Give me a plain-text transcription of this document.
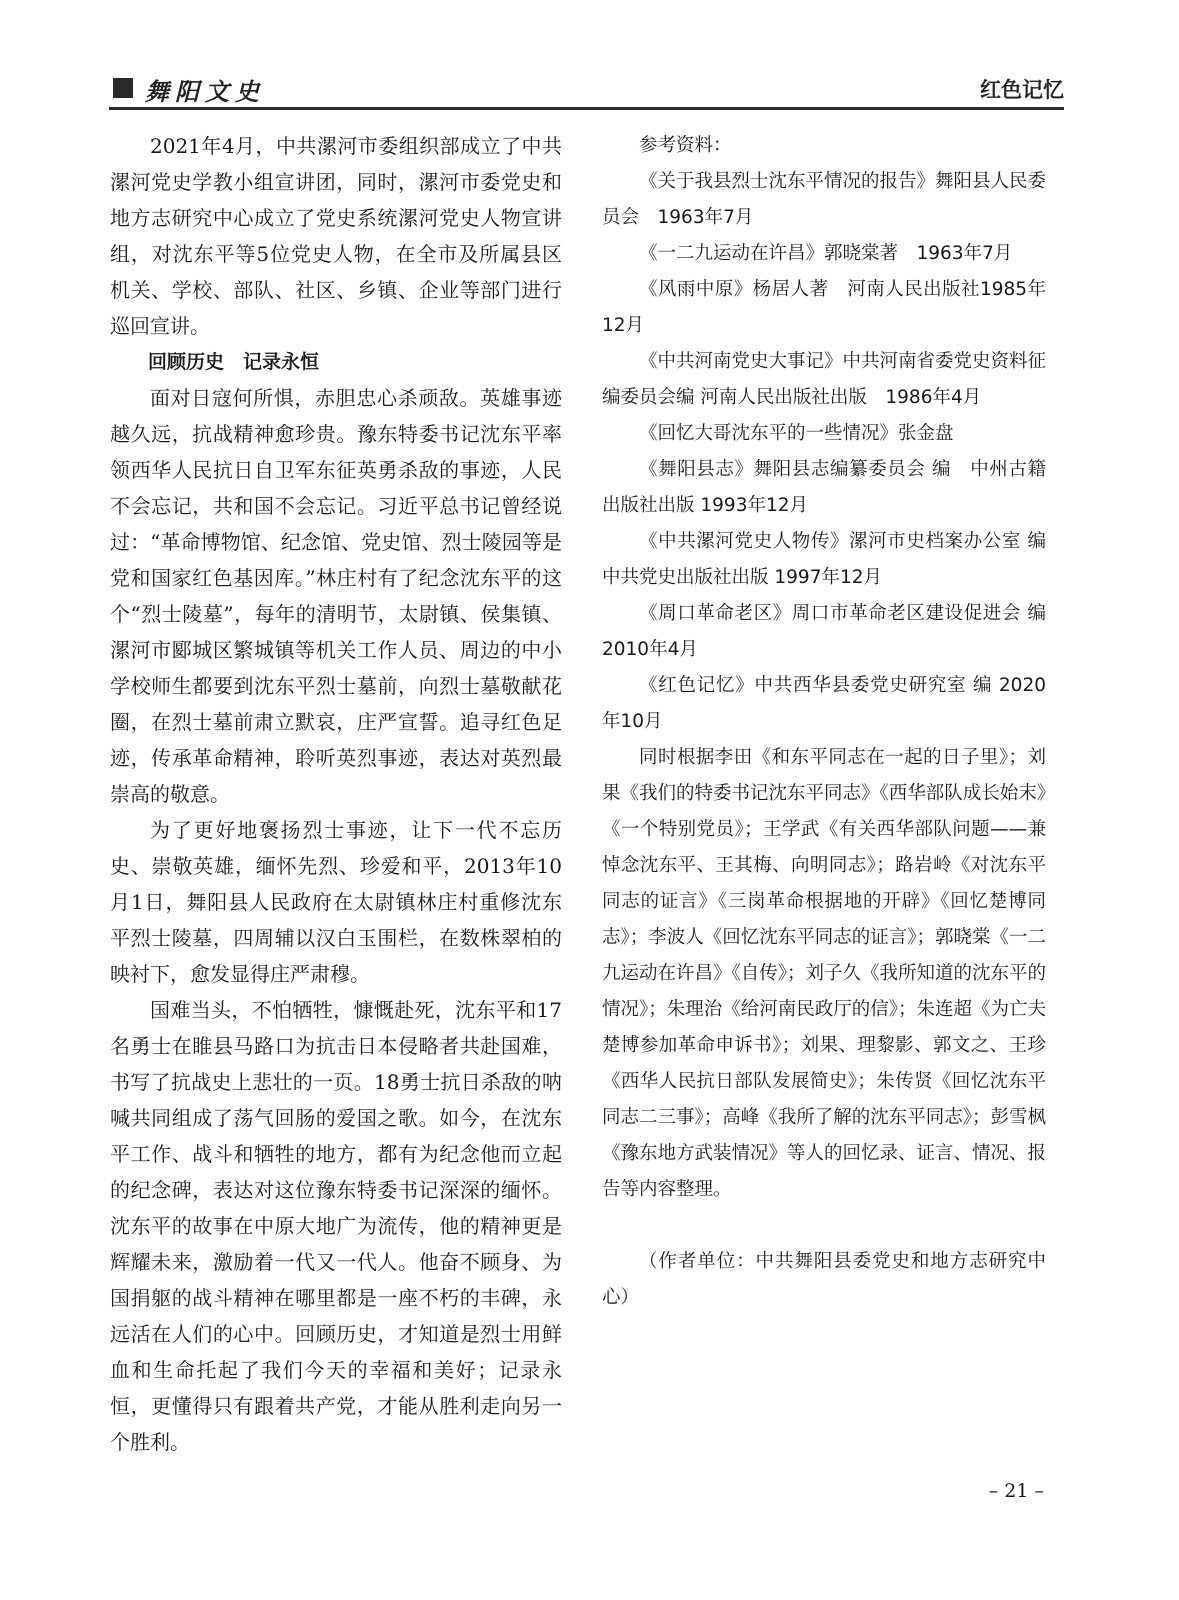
舞阳文史	红色记忆

2021年4月，中共漯河市委组织部成立了中共漯河党史学教小组宣讲团，同时，漯河市委党史和地方志研究中心成立了党史系统漯河党史人物宣讲组，对沈东平等5位党史人物，在全市及所属县区机关、学校、部队、社区、乡镇、企业等部门进行巡回宣讲。

回顾历史　记录永恒

面对日寇何所惧，赤胆忠心杀顽敌。英雄事迹越久远，抗战精神愈珍贵。豫东特委书记沈东平率领西华人民抗日自卫军东征英勇杀敌的事迹，人民不会忘记，共和国不会忘记。习近平总书记曾经说过：“革命博物馆、纪念馆、党史馆、烈士陵园等是党和国家红色基因库。”林庄村有了纪念沈东平的这个“烈士陵墓”，每年的清明节，太尉镇、侯集镇、漯河市郾城区繁城镇等机关工作人员、周边的中小学校师生都要到沈东平烈士墓前，向烈士墓敬献花圈，在烈士墓前肃立默哀，庄严宣誓。追寻红色足迹，传承革命精神，聆听英烈事迹，表达对英烈最崇高的敬意。

为了更好地褒扬烈士事迹，让下一代不忘历史、崇敬英雄，缅怀先烈、珍爱和平，2013年10月1日，舞阳县人民政府在太尉镇林庄村重修沈东平烈士陵墓，四周辅以汉白玉围栏，在数株翠柏的映衬下，愈发显得庄严肃穆。

国难当头，不怕牺牲，慷慨赴死，沈东平和17名勇士在睢县马路口为抗击日本侵略者共赴国难，书写了抗战史上悲壮的一页。18勇士抗日杀敌的呐喊共同组成了荡气回肠的爱国之歌。如今，在沈东平工作、战斗和牺牲的地方，都有为纪念他而立起的纪念碑，表达对这位豫东特委书记深深的缅怀。沈东平的故事在中原大地广为流传，他的精神更是辉耀未来，激励着一代又一代人。他奋不顾身、为国捐躯的战斗精神在哪里都是一座不朽的丰碑，永远活在人们的心中。回顾历史，才知道是烈士用鲜血和生命托起了我们今天的幸福和美好；记录永恒，更懂得只有跟着共产党，才能从胜利走向另一个胜利。

参考资料：

《关于我县烈士沈东平情况的报告》舞阳县人民委员会　1963年7月

《一二九运动在许昌》郭晓棠著　1963年7月

《风雨中原》杨居人著　河南人民出版社1985年12月

《中共河南党史大事记》中共河南省委党史资料征编委员会编 河南人民出版社出版　1986年4月

《回忆大哥沈东平的一些情况》张金盘

《舞阳县志》舞阳县志编纂委员会 编　中州古籍出版社出版 1993年12月

《中共漯河党史人物传》漯河市史档案办公室 编 中共党史出版社出版 1997年12月

《周口革命老区》周口市革命老区建设促进会 编 2010年4月

《红色记忆》中共西华县委党史研究室 编 2020年10月

同时根据李田《和东平同志在一起的日子里》；刘果《我们的特委书记沈东平同志》《西华部队成长始末》《一个特别党员》；王学武《有关西华部队问题——兼悼念沈东平、王其梅、向明同志》；路岩岭《对沈东平同志的证言》《三岗革命根据地的开辟》《回忆楚博同志》；李波人《回忆沈东平同志的证言》；郭晓棠《一二九运动在许昌》《自传》；刘子久《我所知道的沈东平的情况》；朱理治《给河南民政厅的信》；朱连超《为亡夫楚博参加革命申诉书》；刘果、理黎影、郭文之、王珍《西华人民抗日部队发展简史》；朱传贤《回忆沈东平同志二三事》；高峰《我所了解的沈东平同志》；彭雪枫《豫东地方武装情况》等人的回忆录、证言、情况、报告等内容整理。

（作者单位：中共舞阳县委党史和地方志研究中心）

– 21 –
